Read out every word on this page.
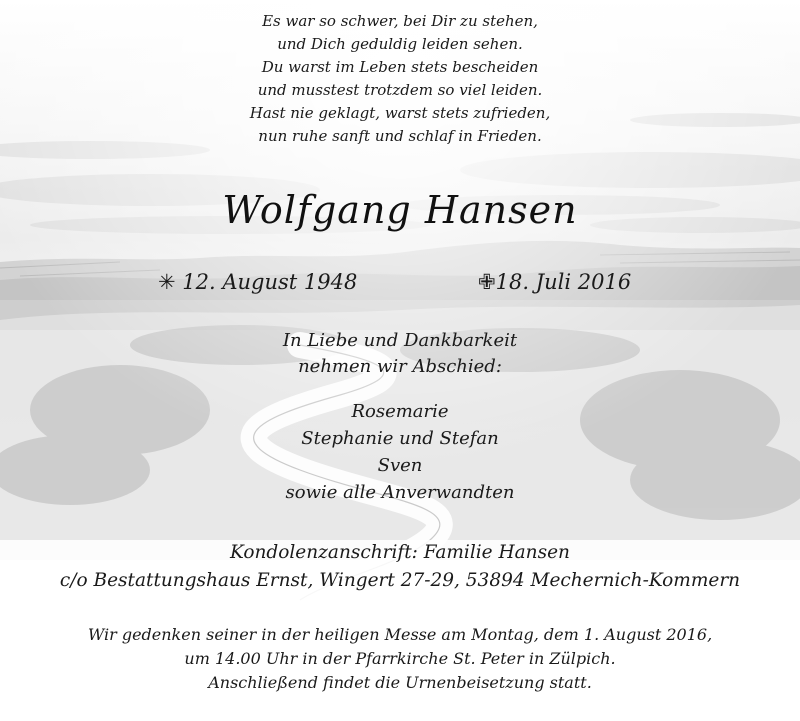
Es war so schwer, bei Dir zu stehen,
und Dich geduldig leiden sehen.
Du warst im Leben stets bescheiden
und musstest trotzdem so viel leiden.
Hast nie geklagt, warst stets zufrieden,
nun ruhe sanft und schlaf in Frieden.
Wolfgang Hansen
✳ 12. August 1948	✙18. Juli 2016
In Liebe und Dankbarkeit
nehmen wir Abschied:
Rosemarie
Stephanie und Stefan
Sven
sowie alle Anverwandten
Kondolenzanschrift: Familie Hansen
c/o Bestattungshaus Ernst, Wingert 27-29, 53894 Mechernich-Kommern
Wir gedenken seiner in der heiligen Messe am Montag, dem 1. August 2016,
um 14.00 Uhr in der Pfarrkirche St. Peter in Zülpich.
Anschließend findet die Urnenbeisetzung statt.
